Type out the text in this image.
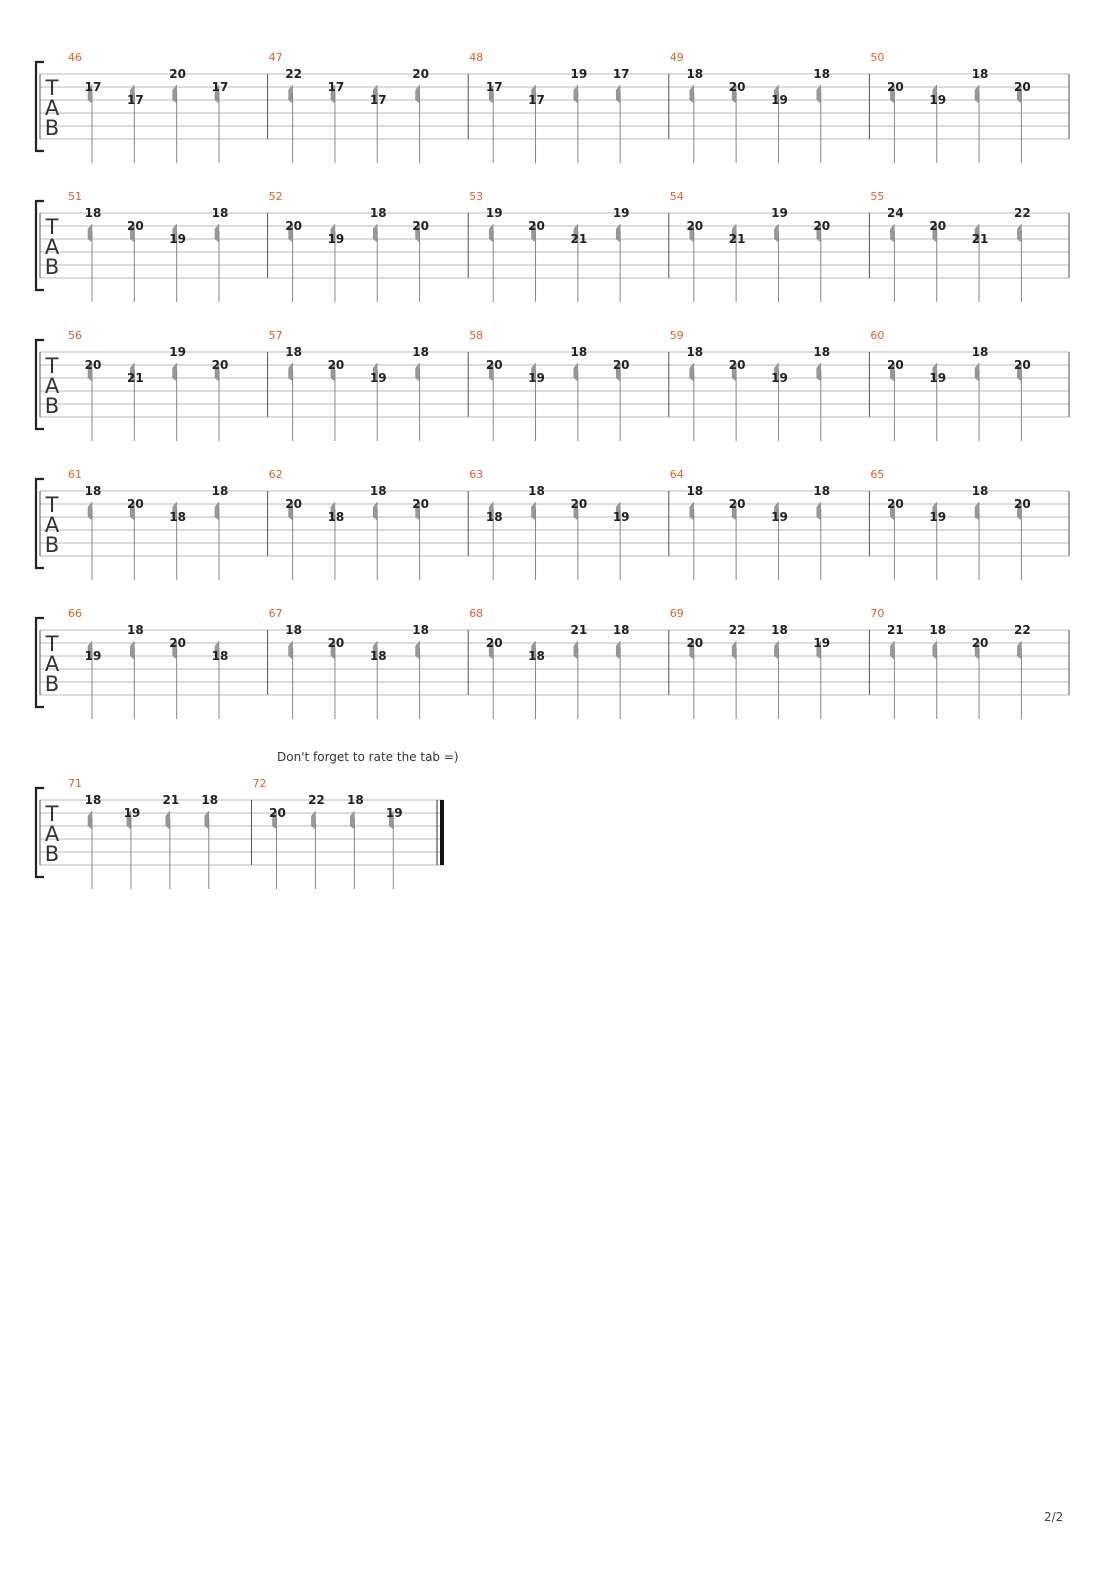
T
A
B
46
17
17
20
17
47
22
17
17
20
48
17
17
19 17
49
18
20
19
18
50
20
19
18
20
T
A
B
51
18
20
19
18
52
20
19
18
20
53
19
20
21
19
54
20
21
19
20
55
24
20
21
22
T
A
B
56
20
21
19
20
57
18
20
19
18
58
20
19
18
20
59
18
20
19
18
60
20
19
18
20
T
A
B
61
18
20
18
18
62
20
18
18
20
63
18
18
20
19
64
18
20
19
18
65
20
19
18
20
T
A
B
66
19
18
20
18
67
18
20
18
18
68
20
18
21 18
69
20
22 18
19
70
21 18
20
22
T
A
B
71
18
19
21 18
72
20
22 18
19
Don't forget to rate the tab =)
2/2
